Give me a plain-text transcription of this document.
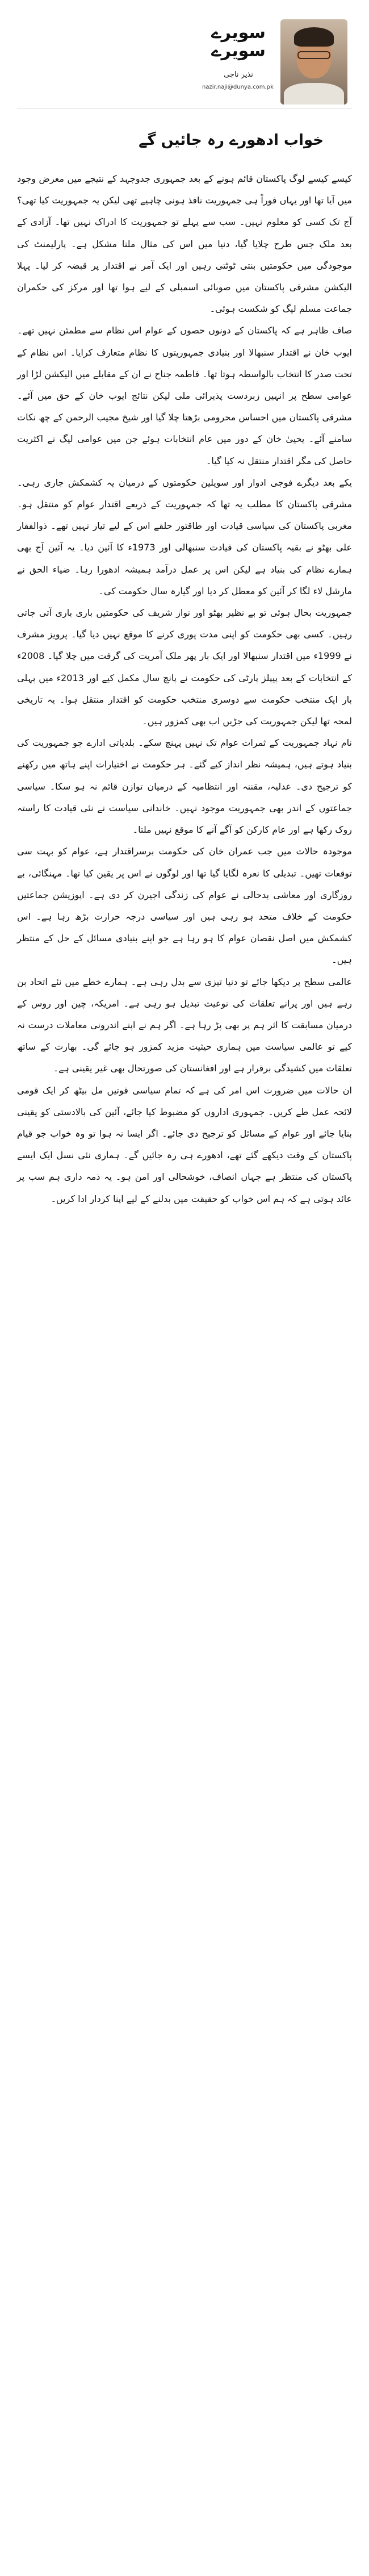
سویرے
سویرے
نذیر ناجی
nazir.naji@dunya.com.pk
خواب ادھورے رہ جائیں گے

کیسے کیسے لوگ پاکستان قائم ہونے کے بعد جمہوری جدوجہد کے نتیجے میں معرض وجود میں آیا تھا اور یہاں فوراً ہی جمہوریت نافذ ہونی چاہیے تھی لیکن یہ جمہوریت کیا تھی؟ آج تک کسی کو معلوم نہیں۔ سب سے پہلے تو جمہوریت کا ادراک نہیں تھا۔ آزادی کے بعد ملک جس طرح چلایا گیا، دنیا میں اس کی مثال ملنا مشکل ہے۔ پارلیمنٹ کی موجودگی میں حکومتیں بنتی ٹوٹتی رہیں اور ایک آمر نے اقتدار پر قبضہ کر لیا۔ پہلا الیکشن مشرقی پاکستان میں صوبائی اسمبلی کے لیے ہوا تھا اور مرکز کی حکمران جماعت مسلم لیگ کو شکست ہوئی۔

صاف ظاہر ہے کہ پاکستان کے دونوں حصوں کے عوام اس نظام سے مطمئن نہیں تھے۔ ایوب خان نے اقتدار سنبھالا اور بنیادی جمہوریتوں کا نظام متعارف کرایا۔ اس نظام کے تحت صدر کا انتخاب بالواسطہ ہوتا تھا۔ فاطمہ جناح نے ان کے مقابلے میں الیکشن لڑا اور عوامی سطح پر انہیں زبردست پذیرائی ملی لیکن نتائج ایوب خان کے حق میں آئے۔ مشرقی پاکستان میں احساس محرومی بڑھتا چلا گیا اور شیخ مجیب الرحمن کے چھ نکات سامنے آئے۔ یحییٰ خان کے دور میں عام انتخابات ہوئے جن میں عوامی لیگ نے اکثریت حاصل کی مگر اقتدار منتقل نہ کیا گیا۔

یکے بعد دیگرے فوجی ادوار اور سویلین حکومتوں کے درمیان یہ کشمکش جاری رہی۔ مشرقی پاکستان کا مطلب یہ تھا کہ جمہوریت کے ذریعے اقتدار عوام کو منتقل ہو۔ مغربی پاکستان کی سیاسی قیادت اور طاقتور حلقے اس کے لیے تیار نہیں تھے۔ ذوالفقار علی بھٹو نے بقیہ پاکستان کی قیادت سنبھالی اور 1973ء کا آئین دیا۔ یہ آئین آج بھی ہمارے نظام کی بنیاد ہے لیکن اس پر عمل درآمد ہمیشہ ادھورا رہا۔ ضیاء الحق نے مارشل لاء لگا کر آئین کو معطل کر دیا اور گیارہ سال حکومت کی۔

جمہوریت بحال ہوئی تو بے نظیر بھٹو اور نواز شریف کی حکومتیں باری باری آتی جاتی رہیں۔ کسی بھی حکومت کو اپنی مدت پوری کرنے کا موقع نہیں دیا گیا۔ پرویز مشرف نے 1999ء میں اقتدار سنبھالا اور ایک بار پھر ملک آمریت کی گرفت میں چلا گیا۔ 2008ء کے انتخابات کے بعد پیپلز پارٹی کی حکومت نے پانچ سال مکمل کیے اور 2013ء میں پہلی بار ایک منتخب حکومت سے دوسری منتخب حکومت کو اقتدار منتقل ہوا۔ یہ تاریخی لمحہ تھا لیکن جمہوریت کی جڑیں اب بھی کمزور ہیں۔

نام نہاد جمہوریت کے ثمرات عوام تک نہیں پہنچ سکے۔ بلدیاتی ادارے جو جمہوریت کی بنیاد ہوتے ہیں، ہمیشہ نظر انداز کیے گئے۔ ہر حکومت نے اختیارات اپنے ہاتھ میں رکھنے کو ترجیح دی۔ عدلیہ، مقننہ اور انتظامیہ کے درمیان توازن قائم نہ ہو سکا۔ سیاسی جماعتوں کے اندر بھی جمہوریت موجود نہیں۔ خاندانی سیاست نے نئی قیادت کا راستہ روک رکھا ہے اور عام کارکن کو آگے آنے کا موقع نہیں ملتا۔

موجودہ حالات میں جب عمران خان کی حکومت برسراقتدار ہے، عوام کو بہت سی توقعات تھیں۔ تبدیلی کا نعرہ لگایا گیا تھا اور لوگوں نے اس پر یقین کیا تھا۔ مہنگائی، بے روزگاری اور معاشی بدحالی نے عوام کی زندگی اجیرن کر دی ہے۔ اپوزیشن جماعتیں حکومت کے خلاف متحد ہو رہی ہیں اور سیاسی درجہ حرارت بڑھ رہا ہے۔ اس کشمکش میں اصل نقصان عوام کا ہو رہا ہے جو اپنے بنیادی مسائل کے حل کے منتظر ہیں۔

عالمی سطح پر دیکھا جائے تو دنیا تیزی سے بدل رہی ہے۔ ہمارے خطے میں نئے اتحاد بن رہے ہیں اور پرانے تعلقات کی نوعیت تبدیل ہو رہی ہے۔ امریکہ، چین اور روس کے درمیان مسابقت کا اثر ہم پر بھی پڑ رہا ہے۔ اگر ہم نے اپنے اندرونی معاملات درست نہ کیے تو عالمی سیاست میں ہماری حیثیت مزید کمزور ہو جائے گی۔ بھارت کے ساتھ تعلقات میں کشیدگی برقرار ہے اور افغانستان کی صورتحال بھی غیر یقینی ہے۔

ان حالات میں ضرورت اس امر کی ہے کہ تمام سیاسی قوتیں مل بیٹھ کر ایک قومی لائحہ عمل طے کریں۔ جمہوری اداروں کو مضبوط کیا جائے، آئین کی بالادستی کو یقینی بنایا جائے اور عوام کے مسائل کو ترجیح دی جائے۔ اگر ایسا نہ ہوا تو وہ خواب جو قیام پاکستان کے وقت دیکھے گئے تھے، ادھورے ہی رہ جائیں گے۔ ہماری نئی نسل ایک ایسے پاکستان کی منتظر ہے جہاں انصاف، خوشحالی اور امن ہو۔ یہ ذمہ داری ہم سب پر عائد ہوتی ہے کہ ہم اس خواب کو حقیقت میں بدلنے کے لیے اپنا کردار ادا کریں۔
